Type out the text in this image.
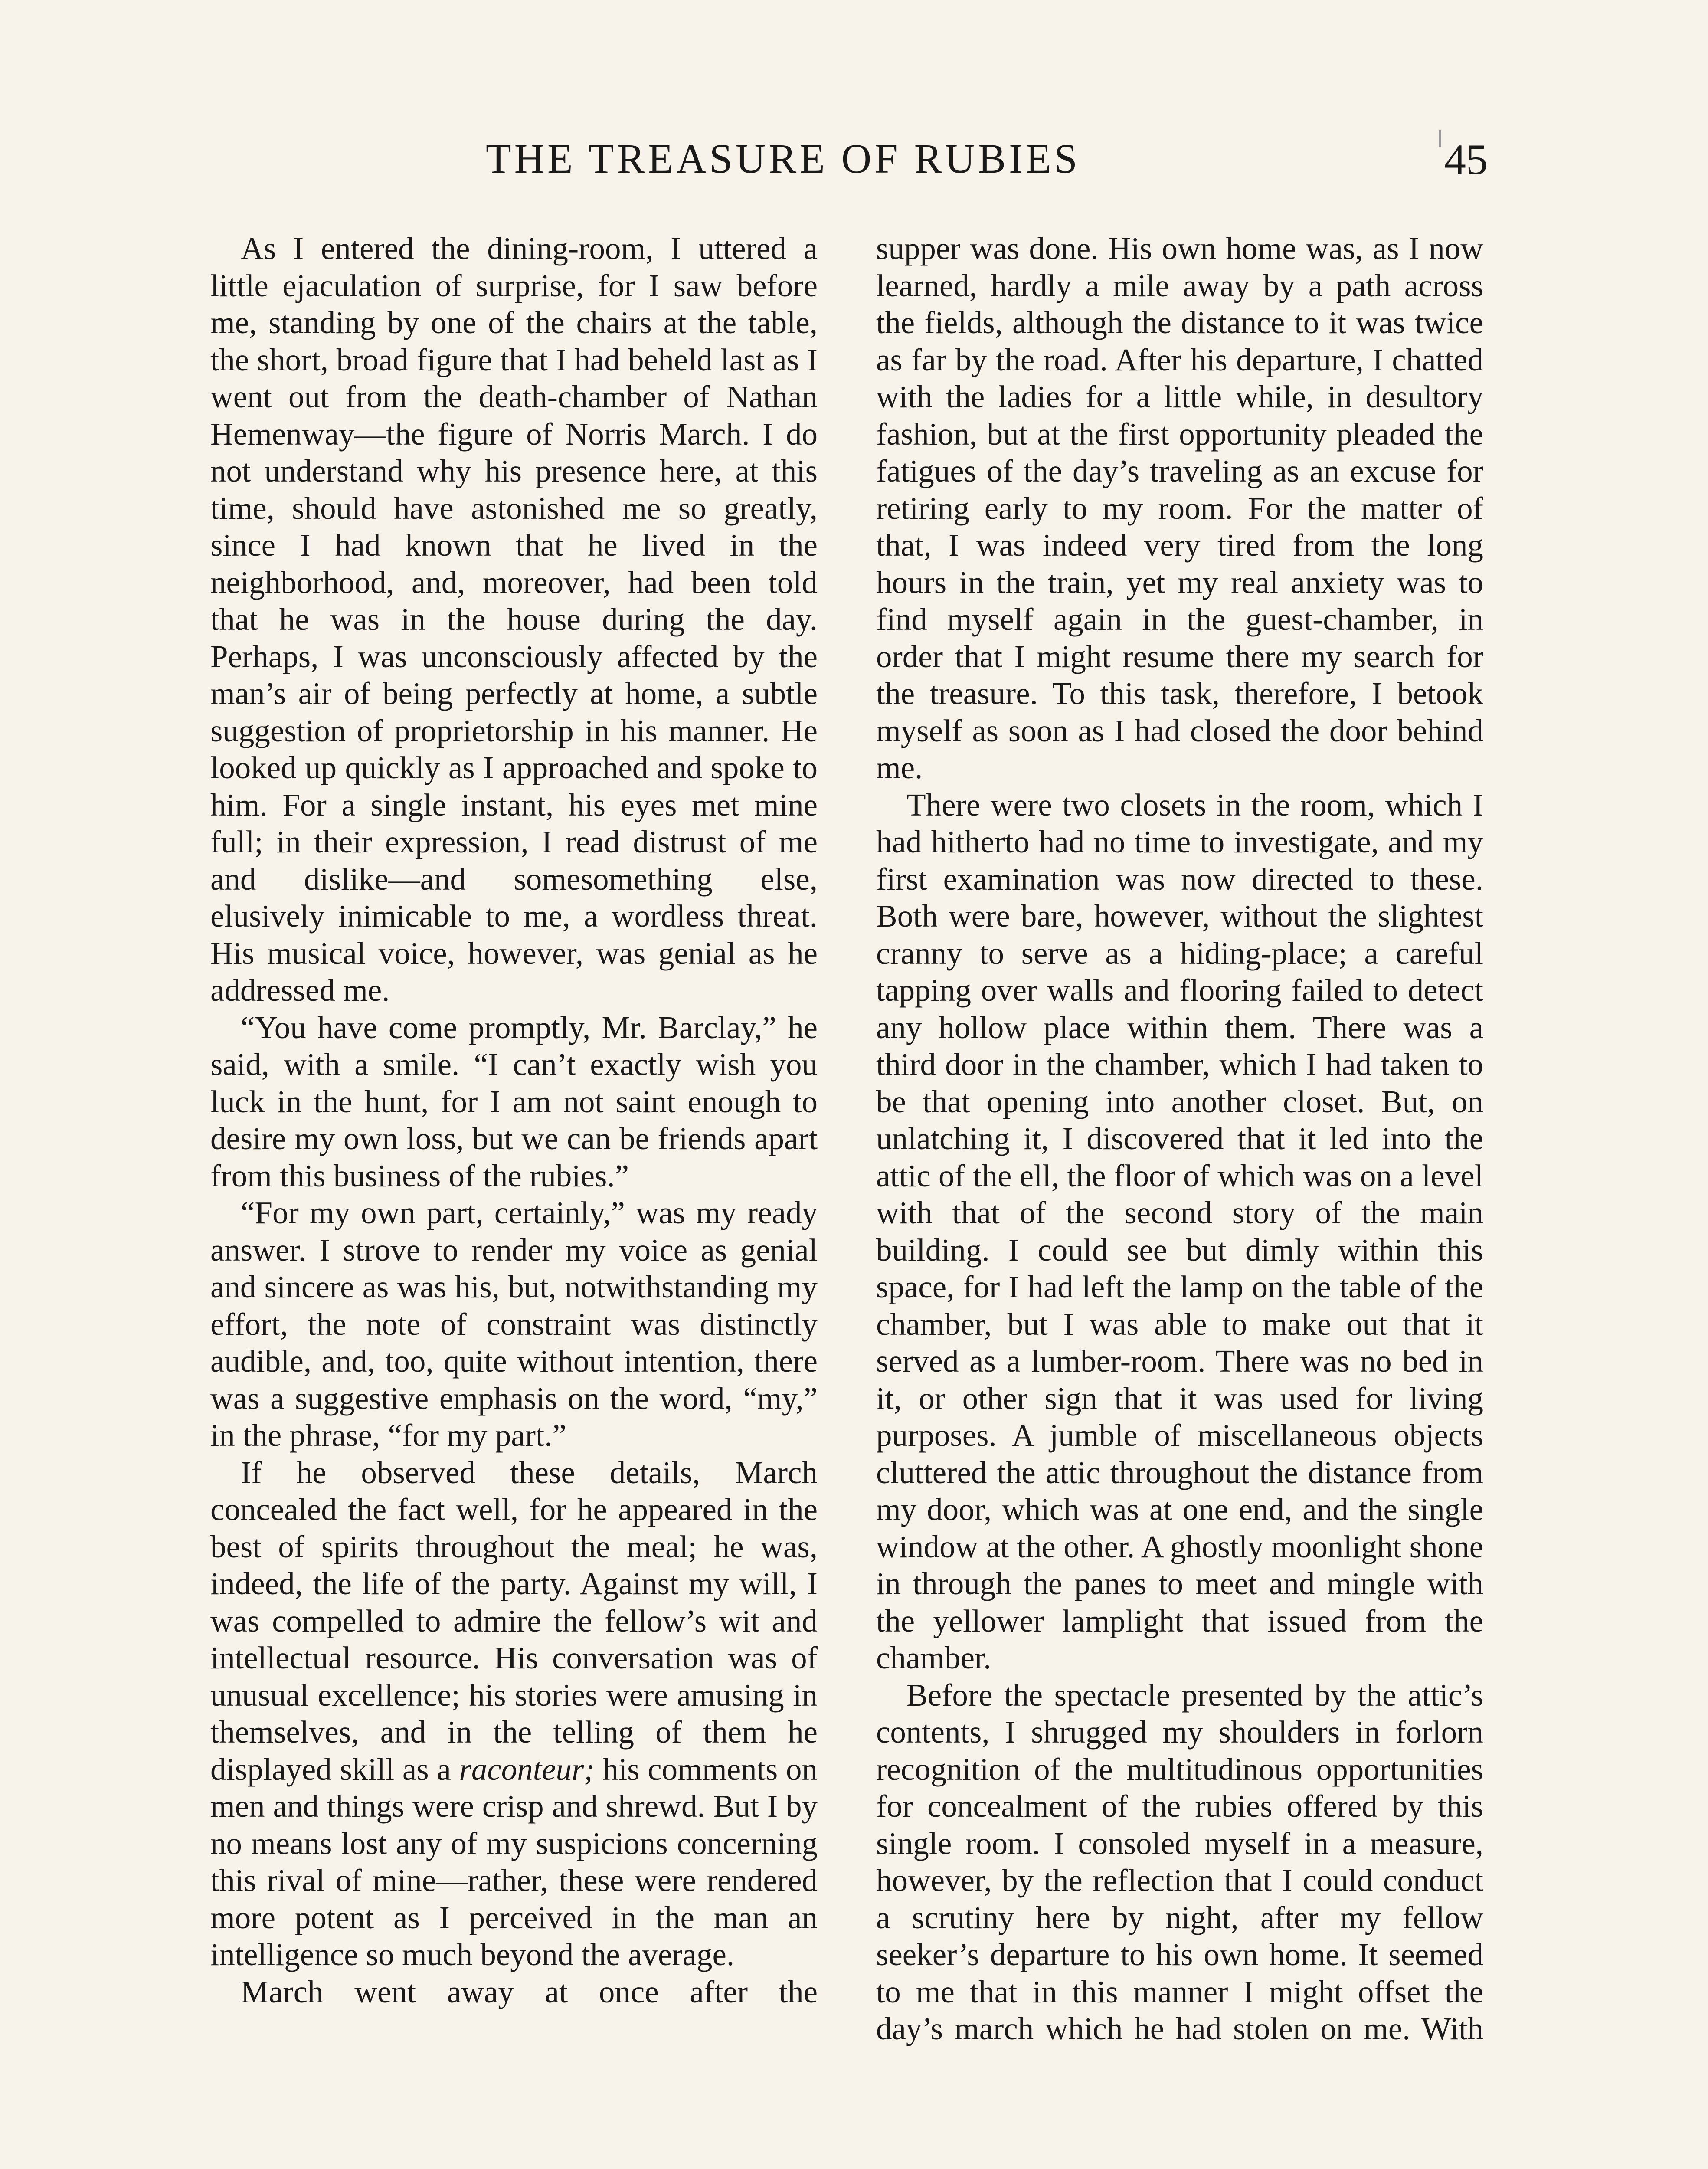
THE TREASURE OF RUBIES	45

As I entered the dining-room, I uttered a little ejaculation of surprise, for I saw before me, standing by one of the chairs at the table, the short, broad figure that I had beheld last as I went out from the death-chamber of Nathan Hemenway—the figure of Norris March. I do not understand why his presence here, at this time, should have astonished me so greatly, since I had known that he lived in the neighborhood, and, moreover, had been told that he was in the house during the day. Perhaps, I was unconsciously affected by the man’s air of being perfectly at home, a subtle suggestion of proprietorship in his manner. He looked up quickly as I approached and spoke to him. For a single instant, his eyes met mine full; in their expression, I read distrust of me and dislike—and somesomething else, elusively inimicable to me, a wordless threat. His musical voice, however, was genial as he addressed me.

“You have come promptly, Mr. Barclay,” he said, with a smile. “I can’t exactly wish you luck in the hunt, for I am not saint enough to desire my own loss, but we can be friends apart from this business of the rubies.”

“For my own part, certainly,” was my ready answer. I strove to render my voice as genial and sincere as was his, but, notwithstanding my effort, the note of constraint was distinctly audible, and, too, quite without intention, there was a suggestive emphasis on the word, “my,” in the phrase, “for my part.”

If he observed these details, March concealed the fact well, for he appeared in the best of spirits throughout the meal; he was, indeed, the life of the party. Against my will, I was compelled to admire the fellow’s wit and intellectual resource. His conversation was of unusual excellence; his stories were amusing in themselves, and in the telling of them he displayed skill as a raconteur; his comments on men and things were crisp and shrewd. But I by no means lost any of my suspicions concerning this rival of mine—rather, these were rendered more potent as I perceived in the man an intelligence so much beyond the average.

March went away at once after the

supper was done. His own home was, as I now learned, hardly a mile away by a path across the fields, although the distance to it was twice as far by the road. After his departure, I chatted with the ladies for a little while, in desultory fashion, but at the first opportunity pleaded the fatigues of the day’s traveling as an excuse for retiring early to my room. For the matter of that, I was indeed very tired from the long hours in the train, yet my real anxiety was to find myself again in the guest-chamber, in order that I might resume there my search for the treasure. To this task, therefore, I betook myself as soon as I had closed the door behind me.

There were two closets in the room, which I had hitherto had no time to investigate, and my first examination was now directed to these. Both were bare, however, without the slightest cranny to serve as a hiding-place; a careful tapping over walls and flooring failed to detect any hollow place within them. There was a third door in the chamber, which I had taken to be that opening into another closet. But, on unlatching it, I discovered that it led into the attic of the ell, the floor of which was on a level with that of the second story of the main building. I could see but dimly within this space, for I had left the lamp on the table of the chamber, but I was able to make out that it served as a lumber-room. There was no bed in it, or other sign that it was used for living purposes. A jumble of miscellaneous objects cluttered the attic throughout the distance from my door, which was at one end, and the single window at the other. A ghostly moonlight shone in through the panes to meet and mingle with the yellower lamplight that issued from the chamber.

Before the spectacle presented by the attic’s contents, I shrugged my shoulders in forlorn recognition of the multitudinous opportunities for concealment of the rubies offered by this single room. I consoled myself in a measure, however, by the reflection that I could conduct a scrutiny here by night, after my fellow seeker’s departure to his own home. It seemed to me that in this manner I might offset the day’s march which he had stolen on me. With
